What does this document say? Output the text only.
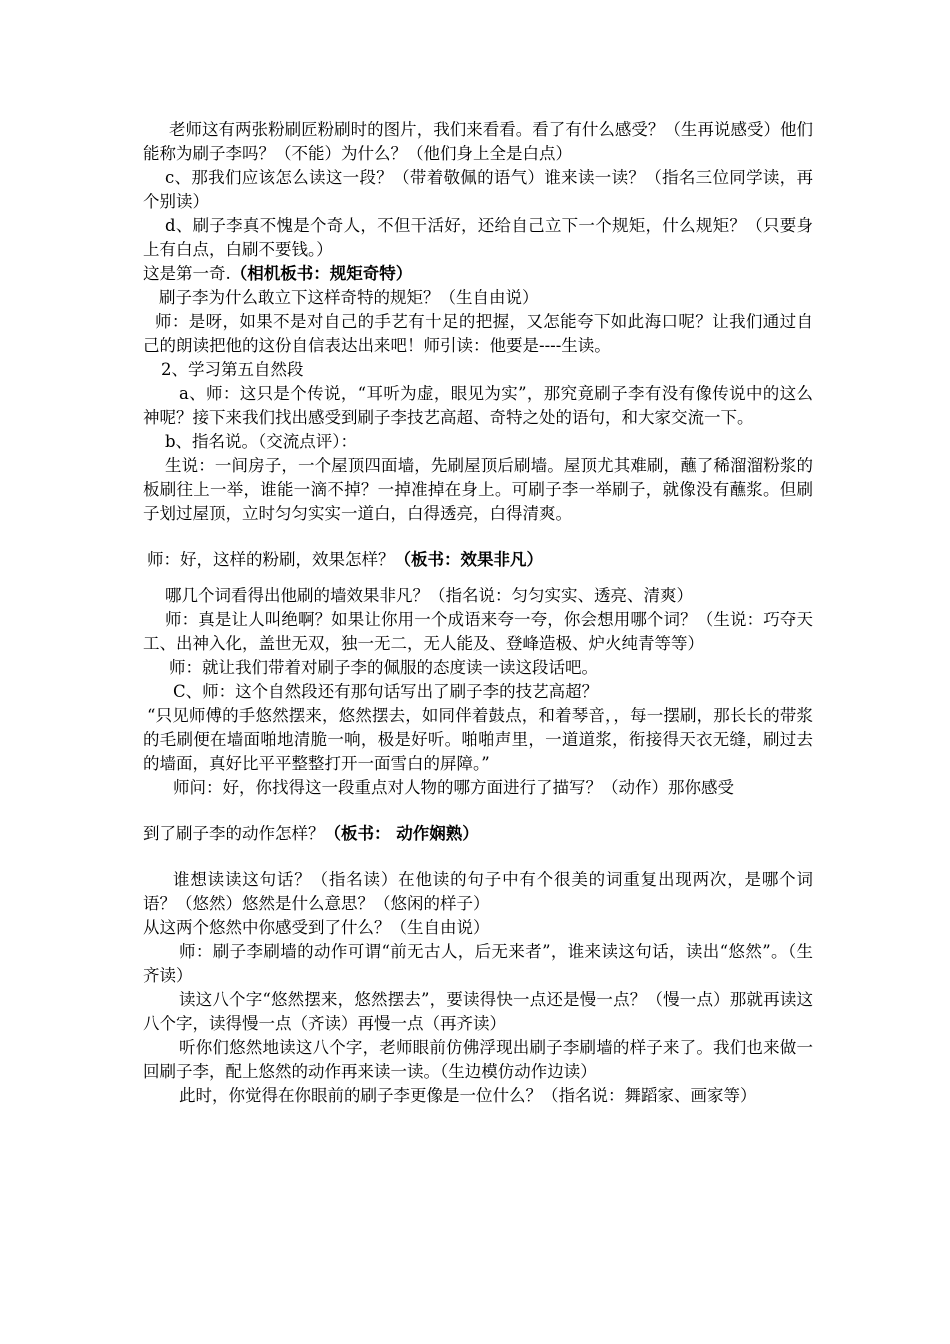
老师这有两张粉刷匠粉刷时的图片，我们来看看。看了有什么感受？（生再说感受）他们能称为刷子李吗？（不能）为什么？（他们身上全是白点）

c、那我们应该怎么读这一段？（带着敬佩的语气）谁来读一读？（指名三位同学读，再个别读）

d、刷子李真不愧是个奇人，不但干活好，还给自己立下一个规矩，什么规矩？（只要身上有白点，白刷不要钱。）

这是第一奇.（相机板书：规矩奇特）

刷子李为什么敢立下这样奇特的规矩？（生自由说）

师：是呀，如果不是对自己的手艺有十足的把握，又怎能夸下如此海口呢？让我们通过自己的朗读把他的这份自信表达出来吧！师引读：他要是----生读。

2、学习第五自然段

a、师：这只是个传说，“耳听为虚，眼见为实”，那究竟刷子李有没有像传说中的这么神呢？接下来我们找出感受到刷子李技艺高超、奇特之处的语句，和大家交流一下。

b、指名说。（交流点评）：

生说：一间房子，一个屋顶四面墙，先刷屋顶后刷墙。屋顶尤其难刷，蘸了稀溜溜粉浆的板刷往上一举，谁能一滴不掉？一掉准掉在身上。可刷子李一举刷子，就像没有蘸浆。但刷子划过屋顶，立时匀匀实实一道白，白得透亮，白得清爽。

师：好，这样的粉刷，效果怎样？（板书：效果非凡）

哪几个词看得出他刷的墙效果非凡？（指名说：匀匀实实、透亮、清爽）

师：真是让人叫绝啊？如果让你用一个成语来夸一夸，你会想用哪个词？（生说：巧夺天工、出神入化，盖世无双，独一无二，无人能及、登峰造极、炉火纯青等等）

师：就让我们带着对刷子李的佩服的态度读一读这段话吧。

C、师：这个自然段还有那句话写出了刷子李的技艺高超？

“只见师傅的手悠然摆来，悠然摆去，如同伴着鼓点，和着琴音，，每一摆刷，那长长的带浆的毛刷便在墙面啪地清脆一响，极是好听。啪啪声里，一道道浆，衔接得天衣无缝，刷过去的墙面，真好比平平整整打开一面雪白的屏障。”

师问：好，你找得这一段重点对人物的哪方面进行了描写？（动作）那你感受

到了刷子李的动作怎样？（板书： 动作娴熟）

谁想读读这句话？（指名读）在他读的句子中有个很美的词重复出现两次，是哪个词语？（悠然）悠然是什么意思？（悠闲的样子）

从这两个悠然中你感受到了什么？（生自由说）

师：刷子李刷墙的动作可谓“前无古人，后无来者”，谁来读这句话，读出“悠然”。（生齐读）

读这八个字“悠然摆来，悠然摆去”，要读得快一点还是慢一点？（慢一点）那就再读这八个字，读得慢一点（齐读）再慢一点（再齐读）

听你们悠然地读这八个字，老师眼前仿佛浮现出刷子李刷墙的样子来了。我们也来做一回刷子李，配上悠然的动作再来读一读。（生边模仿动作边读）

此时，你觉得在你眼前的刷子李更像是一位什么？（指名说：舞蹈家、画家等）
